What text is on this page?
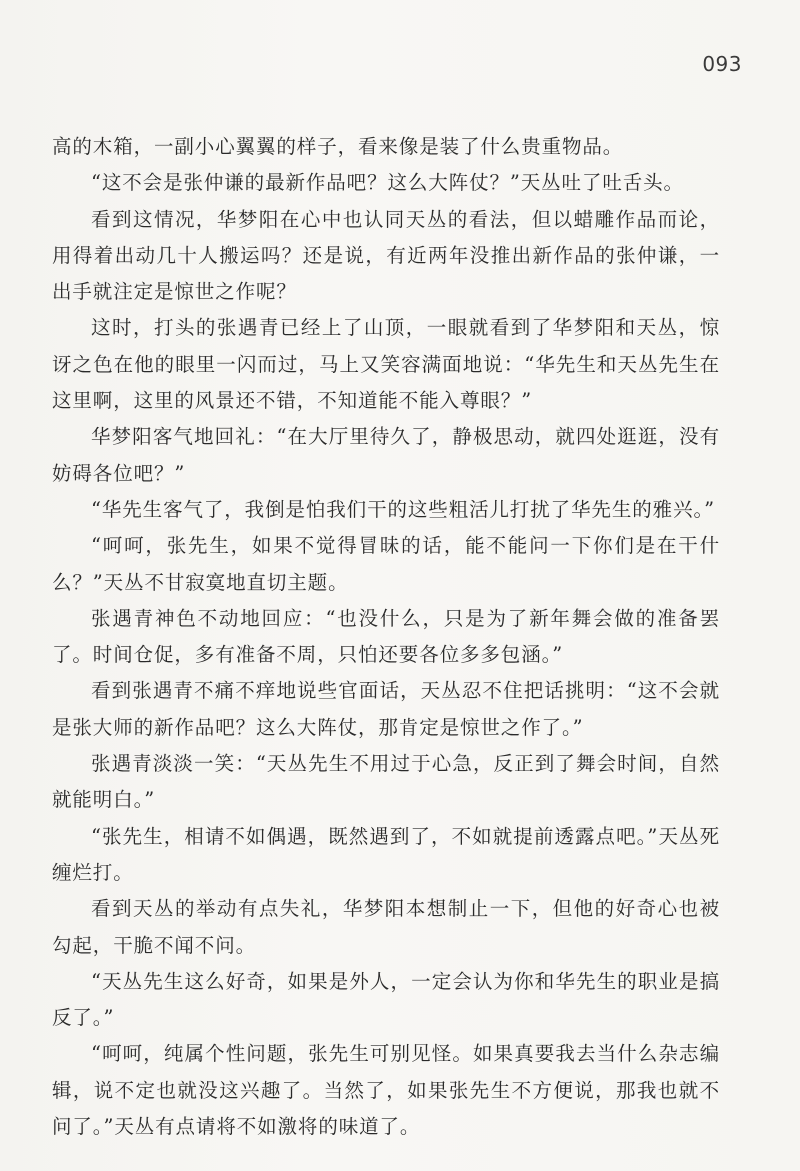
093

高的木箱，一副小心翼翼的样子，看来像是装了什么贵重物品。

“这不会是张仲谦的最新作品吧？这么大阵仗？”天丛吐了吐舌头。

看到这情况，华梦阳在心中也认同天丛的看法，但以蜡雕作品而论，用得着出动几十人搬运吗？还是说，有近两年没推出新作品的张仲谦，一出手就注定是惊世之作呢？

这时，打头的张遇青已经上了山顶，一眼就看到了华梦阳和天丛，惊讶之色在他的眼里一闪而过，马上又笑容满面地说：“华先生和天丛先生在这里啊，这里的风景还不错，不知道能不能入尊眼？”

华梦阳客气地回礼：“在大厅里待久了，静极思动，就四处逛逛，没有妨碍各位吧？”

“华先生客气了，我倒是怕我们干的这些粗活儿打扰了华先生的雅兴。”

“呵呵，张先生，如果不觉得冒昧的话，能不能问一下你们是在干什么？”天丛不甘寂寞地直切主题。

张遇青神色不动地回应：“也没什么，只是为了新年舞会做的准备罢了。时间仓促，多有准备不周，只怕还要各位多多包涵。”

看到张遇青不痛不痒地说些官面话，天丛忍不住把话挑明：“这不会就是张大师的新作品吧？这么大阵仗，那肯定是惊世之作了。”

张遇青淡淡一笑：“天丛先生不用过于心急，反正到了舞会时间，自然就能明白。”

“张先生，相请不如偶遇，既然遇到了，不如就提前透露点吧。”天丛死缠烂打。

看到天丛的举动有点失礼，华梦阳本想制止一下，但他的好奇心也被勾起，干脆不闻不问。

“天丛先生这么好奇，如果是外人，一定会认为你和华先生的职业是搞反了。”

“呵呵，纯属个性问题，张先生可别见怪。如果真要我去当什么杂志编辑，说不定也就没这兴趣了。当然了，如果张先生不方便说，那我也就不问了。”天丛有点请将不如激将的味道了。
